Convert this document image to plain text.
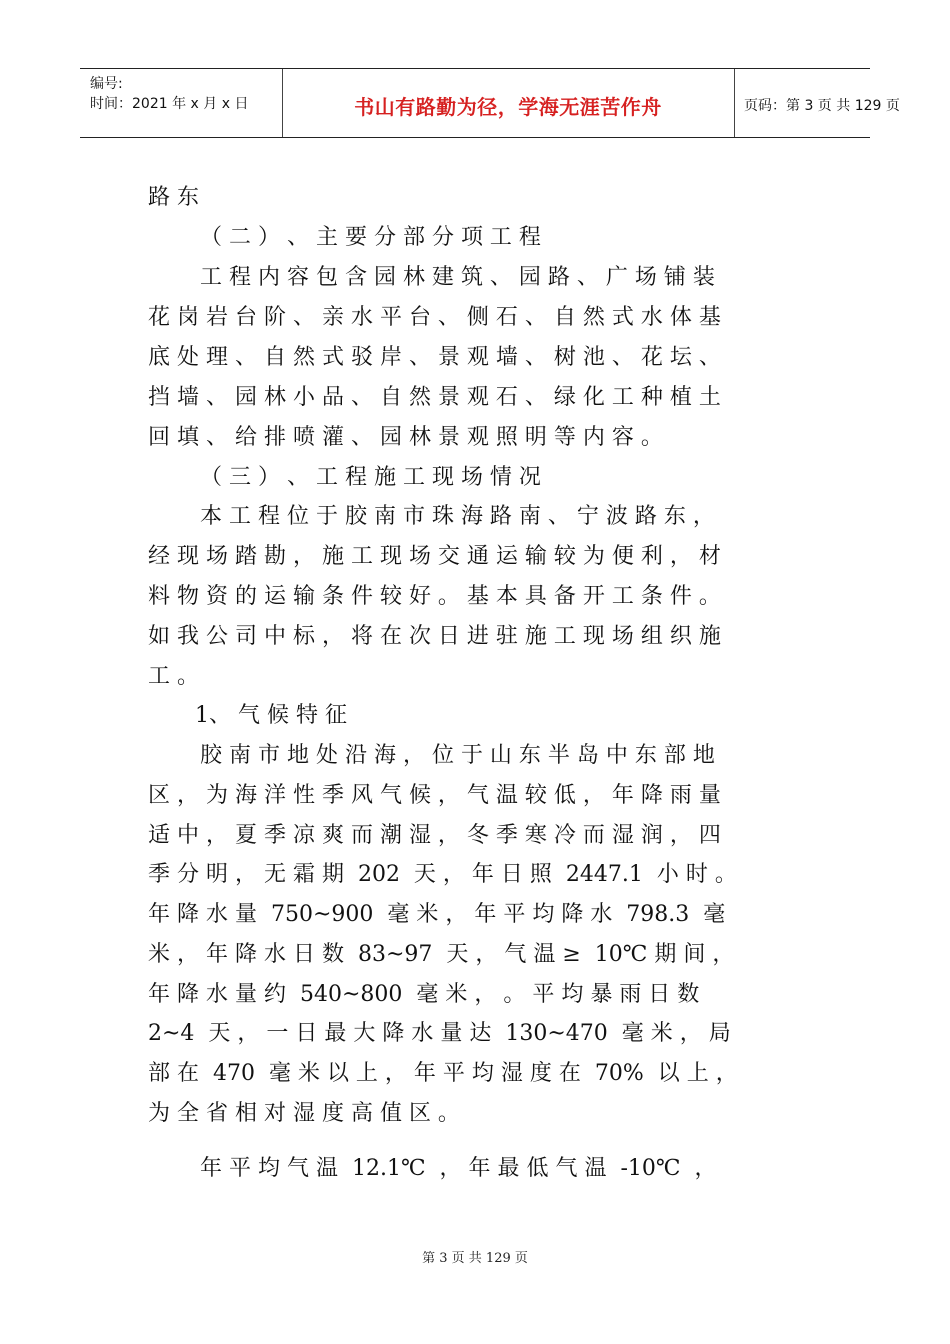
编号:
时间：2021 年 x 月 x 日	书山有路勤为径，学海无涯苦作舟	页码：第 3 页 共 129 页
路 东
（ 二 ） 、 主 要 分 部 分 项 工 程
工 程 内 容 包 含 园 林 建 筑 、 园 路 、 广 场 铺 装
花 岗 岩 台 阶 、 亲 水 平 台 、 侧 石 、 自 然 式 水 体 基
底 处 理 、 自 然 式 驳 岸 、 景 观 墙 、 树 池 、 花 坛 、
挡 墙 、 园 林 小 品 、 自 然 景 观 石 、 绿 化 工 种 植 土
回 填 、 给 排 喷 灌 、 园 林 景 观 照 明 等 内 容 。
（ 三 ） 、 工 程 施 工 现 场 情 况
本 工 程 位 于 胶 南 市 珠 海 路 南 、 宁 波 路 东 ，
经 现 场 踏 勘 ， 施 工 现 场 交 通 运 输 较 为 便 利 ， 材
料 物 资 的 运 输 条 件 较 好 。 基 本 具 备 开 工 条 件 。
如 我 公 司 中 标 ， 将 在 次 日 进 驻 施 工 现 场 组 织 施
工 。
1、 气 候 特 征
胶 南 市 地 处 沿 海 ， 位 于 山 东 半 岛 中 东 部 地
区 ， 为 海 洋 性 季 风 气 候 ， 气 温 较 低 ， 年 降 雨 量
适 中 ， 夏 季 凉 爽 而 潮 湿 ， 冬 季 寒 冷 而 湿 润 ， 四
季 分 明 ， 无 霜 期  202  天 ， 年 日 照  2447.1  小 时 。
年 降 水 量  750~900  毫 米 ， 年 平 均 降 水  798.3  毫
米 ， 年 降 水 日 数  83~97  天 ， 气 温 ≥  10℃ 期 间 ，
年 降 水 量 约  540~800  毫 米 ， 。 平 均 暴 雨 日 数
2~4  天 ， 一 日 最 大 降 水 量 达  130~470  毫 米 ， 局
部 在  470  毫 米 以 上 ， 年 平 均 湿 度 在  70%  以 上 ，
为 全 省 相 对 湿 度 高 值 区 。
年 平 均 气 温  12.1℃  ， 年 最 低 气 温  -10℃  ，
第 3 页 共 129 页
